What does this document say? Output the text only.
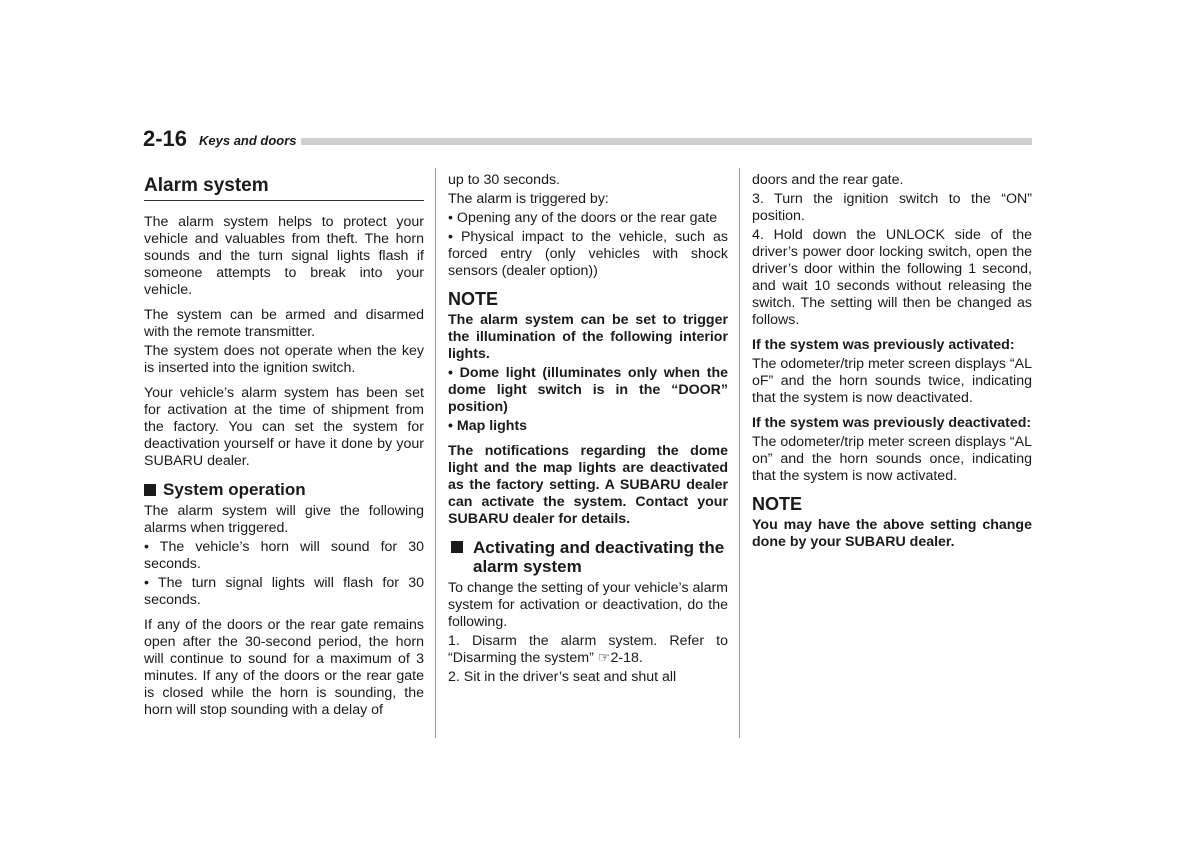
2-16 Keys and doors
Alarm system

The alarm system helps to protect your vehicle and valuables from theft. The horn sounds and the turn signal lights flash if someone attempts to break into your vehicle.

The system can be armed and disarmed with the remote transmitter.

The system does not operate when the key is inserted into the ignition switch.

Your vehicle’s alarm system has been set for activation at the time of shipment from the factory. You can set the system for deactivation yourself or have it done by your SUBARU dealer.

System operation

The alarm system will give the following alarms when triggered.

• The vehicle’s horn will sound for 30 seconds.

• The turn signal lights will flash for 30 seconds.

If any of the doors or the rear gate remains open after the 30-second period, the horn will continue to sound for a maximum of 3 minutes. If any of the doors or the rear gate is closed while the horn is sounding, the horn will stop sounding with a delay of

up to 30 seconds.

The alarm is triggered by:

• Opening any of the doors or the rear gate

• Physical impact to the vehicle, such as forced entry (only vehicles with shock sensors (dealer option))

NOTE

The alarm system can be set to trigger the illumination of the following interior lights.

• Dome light (illuminates only when the dome light switch is in the “DOOR” position)

• Map lights

The notifications regarding the dome light and the map lights are deactivated as the factory setting. A SUBARU dealer can activate the system. Contact your SUBARU dealer for details.

Activating and deactivating the alarm system

To change the setting of your vehicle’s alarm system for activation or deactivation, do the following.

1. Disarm the alarm system. Refer to “Disarming the system” ☞2-18.

2. Sit in the driver’s seat and shut all

doors and the rear gate.

3. Turn the ignition switch to the “ON” position.

4. Hold down the UNLOCK side of the driver’s power door locking switch, open the driver’s door within the following 1 second, and wait 10 seconds without releasing the switch. The setting will then be changed as follows.

If the system was previously activated:

The odometer/trip meter screen displays “AL oF” and the horn sounds twice, indicating that the system is now deactivated.

If the system was previously deactivated:

The odometer/trip meter screen displays “AL on” and the horn sounds once, indicating that the system is now activated.

NOTE

You may have the above setting change done by your SUBARU dealer.
